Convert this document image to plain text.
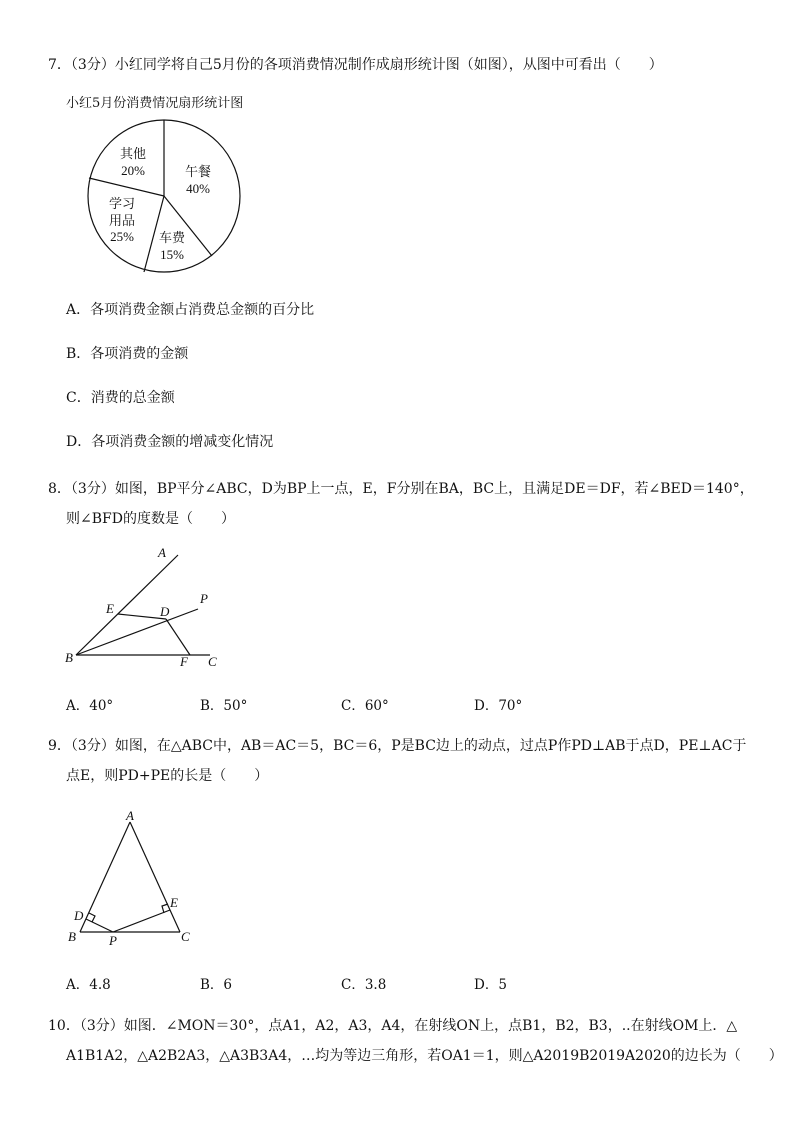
7．（3分）小红同学将自己5月份的各项消费情况制作成扇形统计图（如图），从图中可看出（　　）
小红5月份消费情况扇形统计图
午餐
40%
车费
15%
学习
用品
25%
其他
20%
A．各项消费金额占消费总金额的百分比
B．各项消费的金额
C．消费的总金额
D．各项消费金额的增减变化情况
8．（3分）如图，BP平分∠ABC，D为BP上一点，E，F分别在BA，BC上，且满足DE＝DF，若∠BED＝140°，
则∠BFD的度数是（　　）
A
E	D
P
B	F C
A．40°	B．50°	C．60°	D．70°
9．（3分）如图，在△ABC中，AB＝AC＝5，BC＝6，P是BC边上的动点，过点P作PD⊥AB于点D，PE⊥AC于
点E，则PD+PE的长是（　　）
A
D
B	P
E
C
A．4.8	B．6	C．3.8	D．5
10．（3分）如图．∠MON＝30°，点A1，A2，A3，A4，在射线ON上，点B1，B2，B3，..在射线OM上．△
A1B1A2，△A2B2A3，△A3B3A4，…均为等边三角形，若OA1＝1，则△A2019B2019A2020的边长为（　　）
